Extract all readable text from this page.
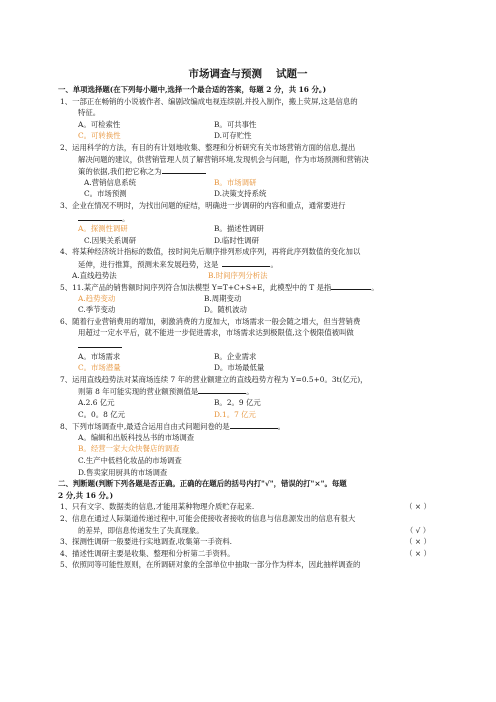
市场调查与预测 试题一
一、单项选择题(在下列每小题中,选择一个最合适的答案，每题 2 分，共 16 分。)
1、一部正在畅销的小说被作者、编剧改编成电视连续剧,并投入制作，搬上荧屏,这是信息的
特征。
A。可检索性	B。可共事性
C。可转换性	D.可存贮性
2、运用科学的方法，有目的有计划地收集、整理和分析研究有关市场营销方面的信息,提出
解决问题的建议，供营销管理人员了解营销环境,发现机会与问题，作为市场预测和营销决
策的依据,我们把它称之为
A.营销信息系统	B。市场调研
C。市场预测	D.决策支持系统
3、企业在情况不明时，为找出问题的症结，明确进一步调研的内容和重点，通常要进行
。
A。探测性调研	B。描述性调研
C.因果关系调研	D.临时性调研
4、将某种经济统计指标的数值，按时间先后顺序排列形成序列，再将此序列数值的变化加以
延伸，进行推算，预测未来发展趋势，这是	。
A.直线趋势法	B.时间序列分析法
5、11.某产品的销售额时间序列符合加法模型 Y=T+C+S+E，此模型中的 T 是指	。
A.趋势变动	B.周期变动
C.季节变动	D。随机波动
6、随着行业营销费用的增加，刺激消费的力度加大，市场需求一般会随之增大，但当营销费
用超过一定水平后，就不能进一步促进需求，市场需求达到极限值,这个极限值被叫做
A。市场需求	B。企业需求
C。市场潜量	D。市场最低量
7、运用直线趋势法对某商场连续 7 年的营业额建立的直线趋势方程为 Y=0.5+0。3t(亿元)，
则第 8 年可能实现的营业额预测值是	。
A.2.6 亿元	B。2。9 亿元
C。0。8 亿元	D.1。7 亿元
8、下列市场调查中,最适合运用自由式问题问卷的是	。
A。编辑和出版科技丛书的市场调查
B。经营一家大众快餐店的调查
C.生产中低档化妆品的市场调查
D.售卖家用厨具的市场调查
二、判断题(判断下列各题是否正确。正确的在题后的括号内打"√"，错误的打"×"。每题
2 分,共 16 分。)
1、只有文字、数据类的信息,才能用某种物理介质贮存起来.	（ × ）
2、信息在通过人际渠道传递过程中,可能会使接收者接收的信息与信息源发出的信息有很大
的差异，即信息传递发生了失真现象。	（ √ ）
3、探测性调研一般要进行实地调查,收集第一手资料.	（ × ）
4、描述性调研主要是收集、整理和分析第二手资料。	（ × ）
5、依照同等可能性原则，在所调研对象的全部单位中抽取一部分作为样本，因此抽样调查的
